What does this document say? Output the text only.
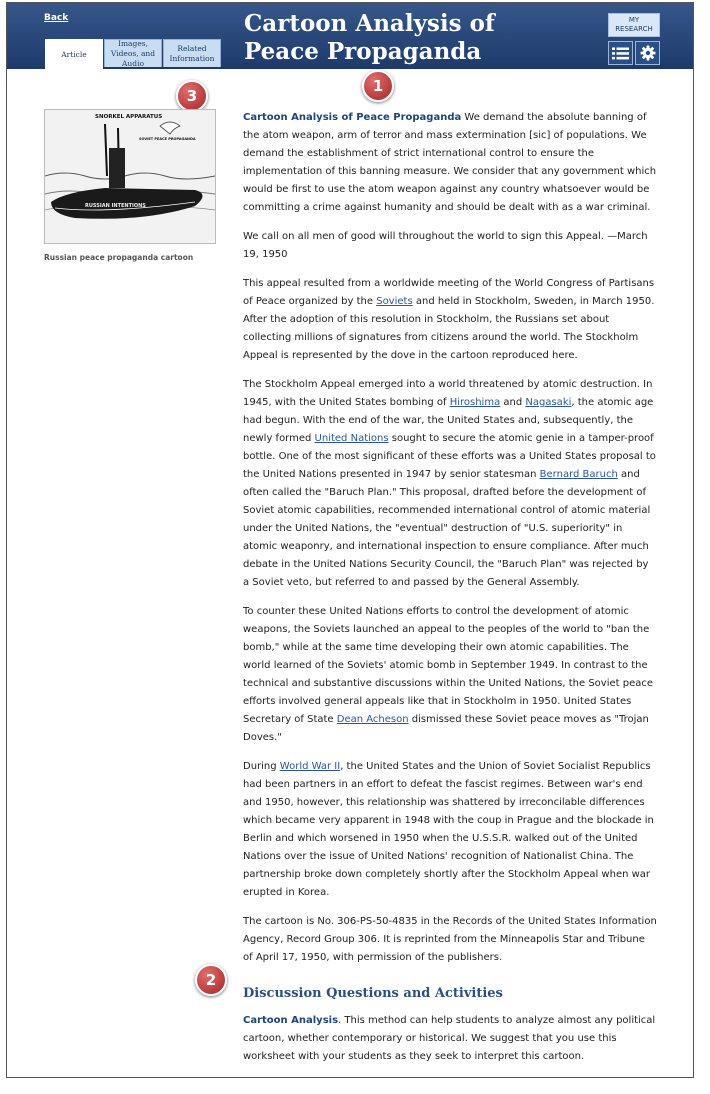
Back
Article
Images, Videos, and Audio
Related Information
Cartoon Analysis of Peace Propaganda
MY RESEARCH
1
2
3
SNORKEL APPARATUS
SOVIET PEACE PROPAGANDA
RUSSIAN INTENTIONS
Russian peace propaganda cartoon

Cartoon Analysis of Peace Propaganda We demand the absolute banning of the atom weapon, arm of terror and mass extermination [sic] of populations. We demand the establishment of strict international control to ensure the implementation of this banning measure. We consider that any government which would be first to use the atom weapon against any country whatsoever would be committing a crime against humanity and should be dealt with as a war criminal.

We call on all men of good will throughout the world to sign this Appeal. —March 19, 1950

This appeal resulted from a worldwide meeting of the World Congress of Partisans of Peace organized by the Soviets and held in Stockholm, Sweden, in March 1950. After the adoption of this resolution in Stockholm, the Russians set about collecting millions of signatures from citizens around the world. The Stockholm Appeal is represented by the dove in the cartoon reproduced here.

The Stockholm Appeal emerged into a world threatened by atomic destruction. In 1945, with the United States bombing of Hiroshima and Nagasaki, the atomic age had begun. With the end of the war, the United States and, subsequently, the newly formed United Nations sought to secure the atomic genie in a tamper-proof bottle. One of the most significant of these efforts was a United States proposal to the United Nations presented in 1947 by senior statesman Bernard Baruch and often called the "Baruch Plan." This proposal, drafted before the development of Soviet atomic capabilities, recommended international control of atomic material under the United Nations, the "eventual" destruction of "U.S. superiority" in atomic weaponry, and international inspection to ensure compliance. After much debate in the United Nations Security Council, the "Baruch Plan" was rejected by a Soviet veto, but referred to and passed by the General Assembly.

To counter these United Nations efforts to control the development of atomic weapons, the Soviets launched an appeal to the peoples of the world to "ban the bomb," while at the same time developing their own atomic capabilities. The world learned of the Soviets' atomic bomb in September 1949. In contrast to the technical and substantive discussions within the United Nations, the Soviet peace efforts involved general appeals like that in Stockholm in 1950. United States Secretary of State Dean Acheson dismissed these Soviet peace moves as "Trojan Doves."

During World War II, the United States and the Union of Soviet Socialist Republics had been partners in an effort to defeat the fascist regimes. Between war's end and 1950, however, this relationship was shattered by irreconcilable differences which became very apparent in 1948 with the coup in Prague and the blockade in Berlin and which worsened in 1950 when the U.S.S.R. walked out of the United Nations over the issue of United Nations' recognition of Nationalist China. The partnership broke down completely shortly after the Stockholm Appeal when war erupted in Korea.

The cartoon is No. 306-PS-50-4835 in the Records of the United States Information Agency, Record Group 306. It is reprinted from the Minneapolis Star and Tribune of April 17, 1950, with permission of the publishers.

Discussion Questions and Activities

Cartoon Analysis. This method can help students to analyze almost any political cartoon, whether contemporary or historical. We suggest that you use this worksheet with your students as they seek to interpret this cartoon.
